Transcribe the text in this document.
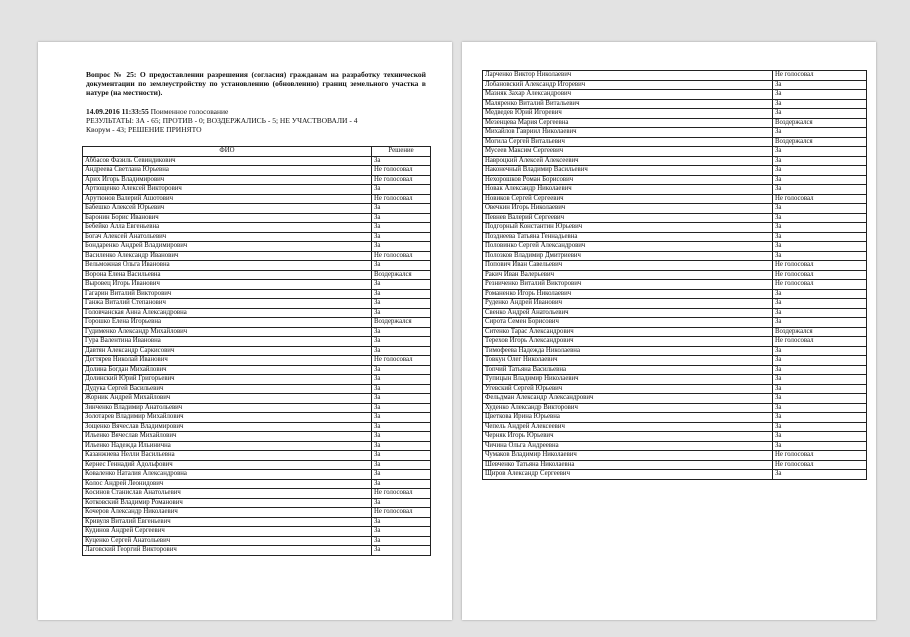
Вопрос № 25: О предоставлении разрешения (согласия) гражданам на разработку технической документации по землеустройству по установлению (обновлению) границ земельного участка в натуре (на местности).

14.09.2016 11:33:55 Поименное голосование
РЕЗУЛЬТАТЫ: ЗА - 65; ПРОТИВ - 0; ВОЗДЕРЖАЛИСЬ - 5; НЕ УЧАСТВОВАЛИ - 4
Кворум - 43; РЕШЕНИЕ ПРИНЯТО
ФИО	Решение
Аббасов Фазиль Севиндикович	За
Андреева Светлана Юрьевна	Не голосовал
Арих Игорь Владимирович	Не голосовал
Артющенко Алексей Викторович	За
Арутюнов Валерий Ашотович	Не голосовал
Бабешко Алексей Юрьевич	За
Баронин Борис Иванович	За
Бебейко Алла Евгеньевна	За
Богач Алексей Анатольевич	За
Бондаренко Андрей Владимирович	За
Василенко Александр Иванович	Не голосовал
Вельможная Ольга Ивановна	За
Ворона Елена Васильевна	Воздержался
Выровец Игорь Иванович	За
Гагарин Виталий Викторович	За
Ганжа Виталий Степанович	За
Головчанская Анна Александровна	За
Горошко Елена Игорьевна	Воздержался
Гудименко Александр Михайлович	За
Гура Валентина Ивановна	За
Давтян Александр Саркисович	За
Дегтярев Николай Иванович	Не голосовал
Долина Богдан Михайлович	За
Долинский Юрий Григорьевич	За
Дудука Сергей Васильевич	За
Жорник Андрей Михайлович	За
Зинченко Владимир Анатольевич	За
Золотарев Владимир Михайлович	За
Зощенко Вячеслав Владимирович	За
Ильенко Вячеслав Михайлович	За
Ильенко Надежда Ильинична	За
Казанжиева Нелли Васильевна	За
Кернес Геннадий Адольфович	За
Коваленко Наталия Александровна	За
Колос Андрей Леонидович	За
Косинов Станислав Анатольевич	Не голосовал
Котковский Владимир Романович	За
Кочеров Александр Николаевич	Не голосовал
Кривуля Виталий Евгеньевич	За
Кудинов Андрей Сергеевич	За
Куценко Сергей Анатольевич	За
Лаговский Георгий Викторович	За
Ларченко Виктор Николаевич	Не голосовал
Лобановский Александр Игоревич	За
Мазняк Захар Александрович	За
Маляренко Виталий Витальевич	За
Медведев Юрий Игоревич	За
Мезенцева Мария Сергеевна	Воздержался
Михайлов Гавриил Николаевич	За
Могила Сергей Витальевич	Воздержался
Мусеев Максим Сергеевич	За
Навроцкий Алексей Алексеевич	За
Наконечный Владимир Васильевич	За
Нехорошков Роман Борисович	За
Новак Александр Николаевич	За
Новиков Сергей Сергеевич	Не голосовал
Овечкин Игорь Николаевич	За
Певнев Валерий Сергеевич	За
Подгорный Константин Юрьевич	За
Позднеева Татьяна Геннадьевна	За
Половинко Сергей Александрович	За
Полозков Владимир Дмитриевич	За
Попович Иван Савельевич	Не голосовал
Ракич Иван Валерьевич	Не голосовал
Резниченко Виталий Викторович	Не голосовал
Романенко Игорь Николаевич	За
Руденко Андрей Иванович	За
Свенко Андрей Анатольевич	За
Сирота Семен Борисович	За
Ситенко Тарас Александрович	Воздержался
Терехов Игорь Александрович	Не голосовал
Тимофеева Надежда Николаевна	За
Товкун Олег Николаевич	За
Топчий Татьяна Васильевна	За
Тупицын Владимир Николаевич	За
Угевский Сергей Юрьевич	За
Фельдман Александр Александрович	За
Худенко Александр Викторович	За
Цветкова Ирина Юрьевна	За
Чепель Андрей Алексеевич	За
Черняк Игорь Юрьевич	За
Чичина Ольга Андреевна	За
Чумаков Владимир Николаевич	Не голосовал
Шевченко Татьяна Николаевна	Не голосовал
Щиров Александр Сергеевич	За
